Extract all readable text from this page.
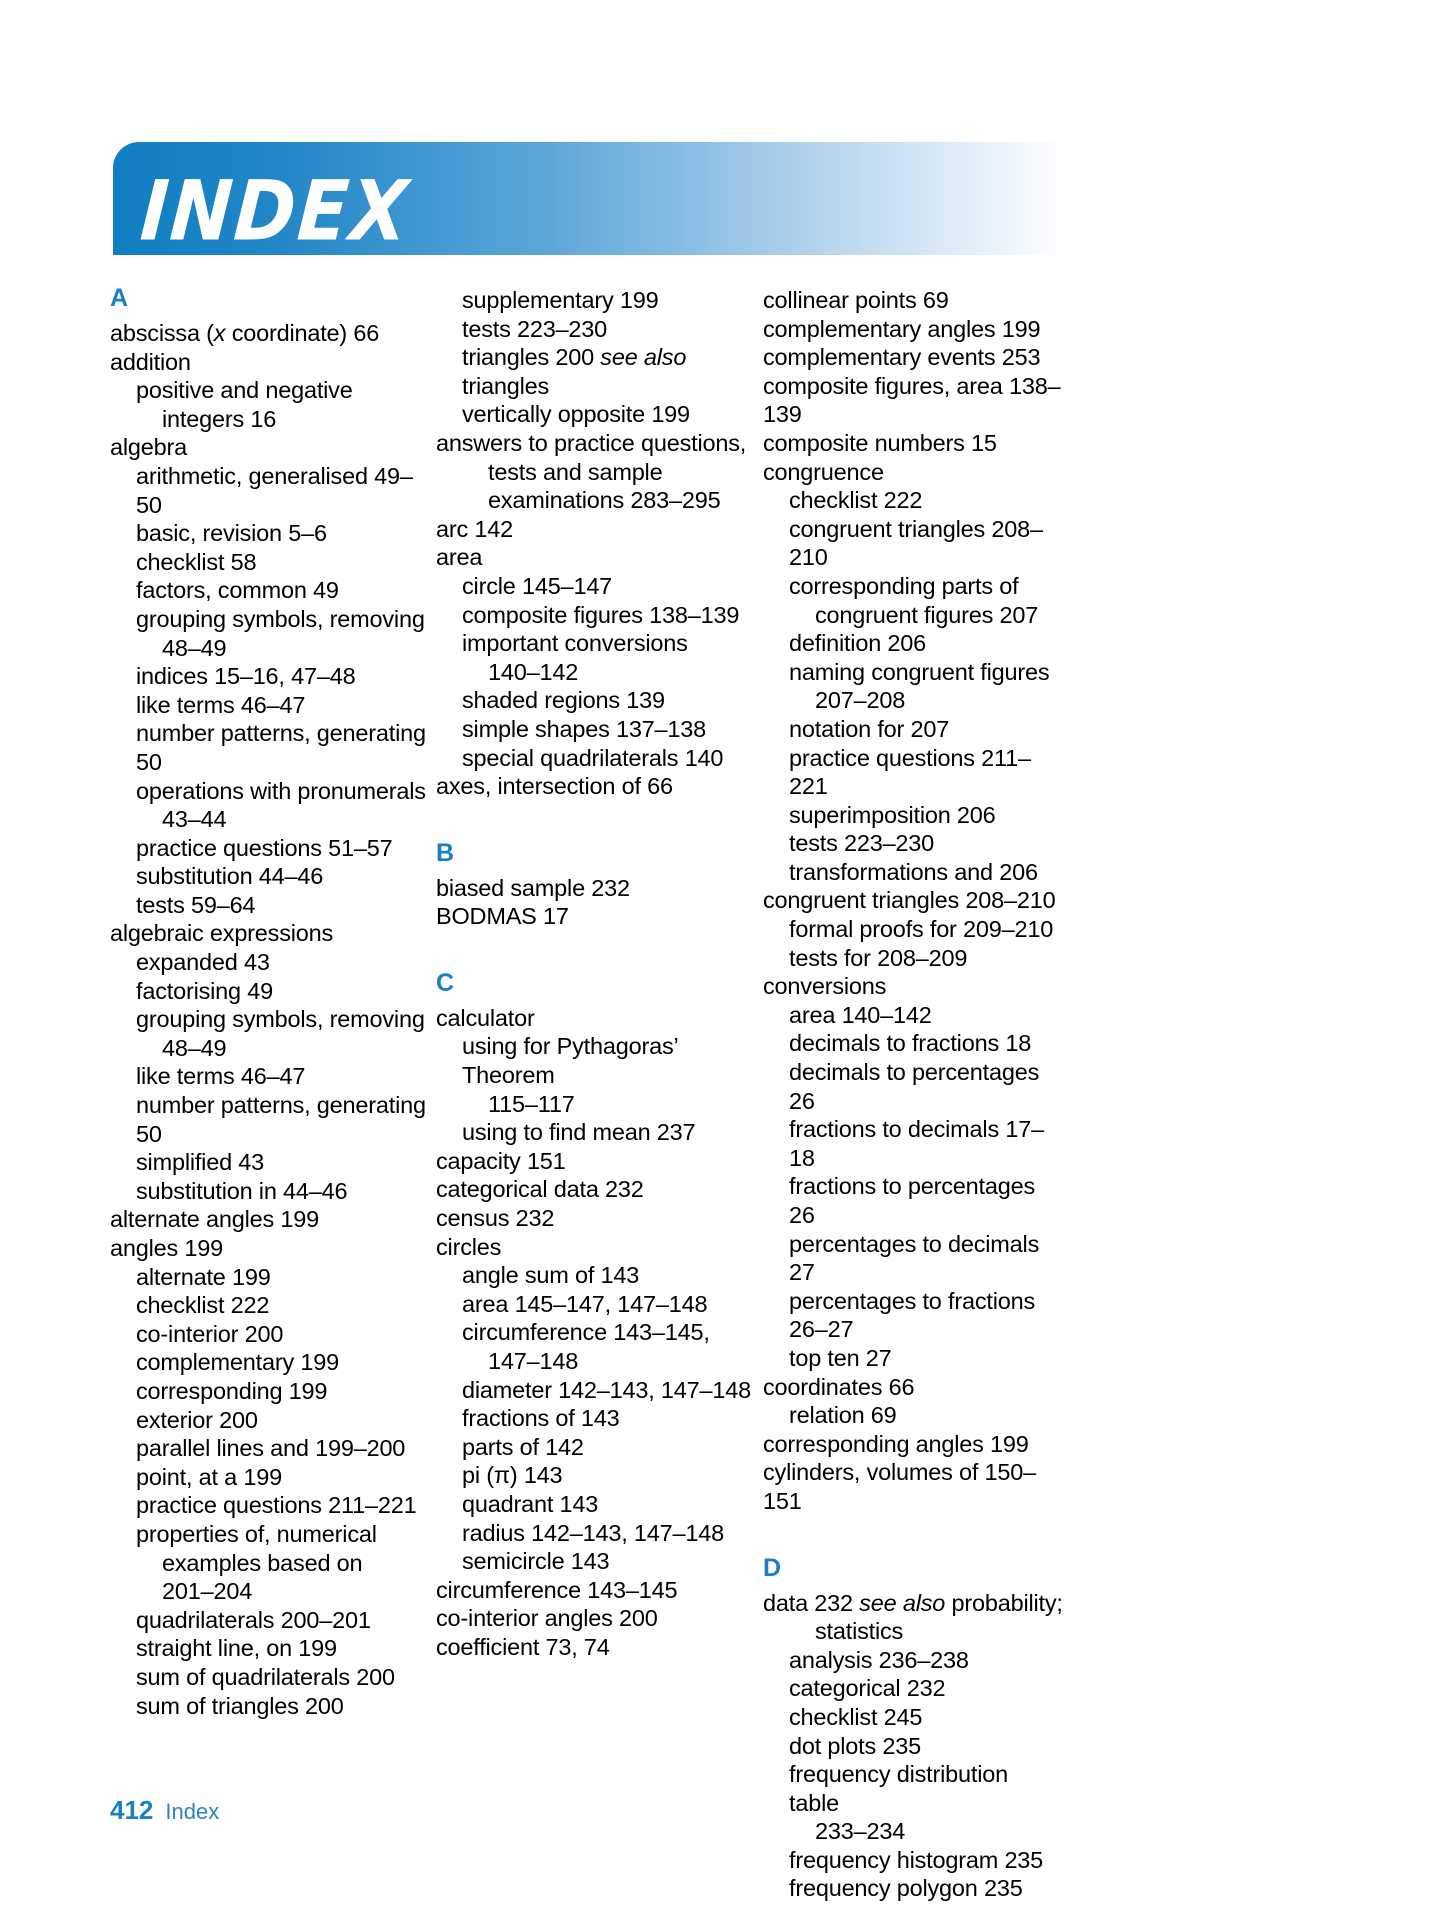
INDEX
A
abscissa (x coordinate) 66
addition
positive and negative
integers 16
algebra
arithmetic, generalised 49–50
basic, revision 5–6
checklist 58
factors, common 49
grouping symbols, removing
48–49
indices 15–16, 47–48
like terms 46–47
number patterns, generating 50
operations with pronumerals
43–44
practice questions 51–57
substitution 44–46
tests 59–64
algebraic expressions
expanded 43
factorising 49
grouping symbols, removing
48–49
like terms 46–47
number patterns, generating 50
simplified 43
substitution in 44–46
alternate angles 199
angles 199
alternate 199
checklist 222
co-interior 200
complementary 199
corresponding 199
exterior 200
parallel lines and 199–200
point, at a 199
practice questions 211–221
properties of, numerical
examples based on
201–204
quadrilaterals 200–201
straight line, on 199
sum of quadrilaterals 200
sum of triangles 200
supplementary 199
tests 223–230
triangles 200 see also triangles
vertically opposite 199
answers to practice questions,
tests and sample
examinations 283–295
arc 142
area
circle 145–147
composite figures 138–139
important conversions
140–142
shaded regions 139
simple shapes 137–138
special quadrilaterals 140
axes, intersection of 66
B
biased sample 232
BODMAS 17
C
calculator
using for Pythagoras’ Theorem
115–117
using to find mean 237
capacity 151
categorical data 232
census 232
circles
angle sum of 143
area 145–147, 147–148
circumference 143–145,
147–148
diameter 142–143, 147–148
fractions of 143
parts of 142
pi (π) 143
quadrant 143
radius 142–143, 147–148
semicircle 143
circumference 143–145
co-interior angles 200
coefficient 73, 74
collinear points 69
complementary angles 199
complementary events 253
composite figures, area 138–139
composite numbers 15
congruence
checklist 222
congruent triangles 208–210
corresponding parts of
congruent figures 207
definition 206
naming congruent figures
207–208
notation for 207
practice questions 211–221
superimposition 206
tests 223–230
transformations and 206
congruent triangles 208–210
formal proofs for 209–210
tests for 208–209
conversions
area 140–142
decimals to fractions 18
decimals to percentages 26
fractions to decimals 17–18
fractions to percentages 26
percentages to decimals 27
percentages to fractions 26–27
top ten 27
coordinates 66
relation 69
corresponding angles 199
cylinders, volumes of 150–151
D
data 232 see also probability;
statistics
analysis 236–238
categorical 232
checklist 245
dot plots 235
frequency distribution table
233–234
frequency histogram 235
frequency polygon 235
412 Index
